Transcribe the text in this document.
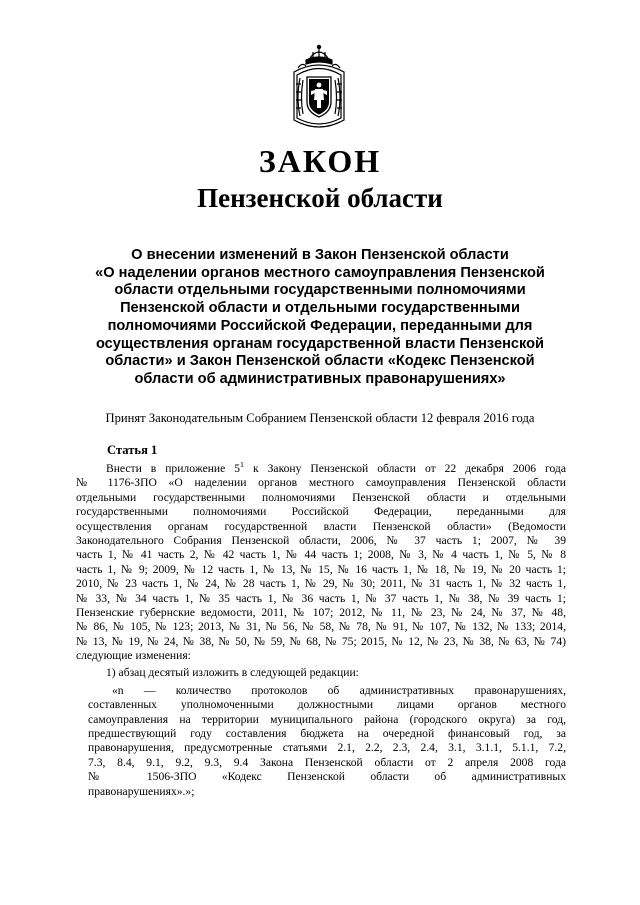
ЗАКОН
Пензенской области
О внесении изменений в Закон Пензенской области
«О наделении органов местного самоуправления Пензенской
области отдельными государственными полномочиями
Пензенской области и отдельными государственными
полномочиями Российской Федерации, переданными для
осуществления органам государственной власти Пензенской
области» и Закон Пензенской области «Кодекс Пензенской
области об административных правонарушениях»
Принят Законодательным Собранием Пензенской области 12 февраля 2016 года
Статья 1
Внести в приложение $5^1$ к Закону Пензенской области от 22 декабря 2006 года
№ 1176-ЗПО «О наделении органов местного самоуправления Пензенской области
отдельными государственными полномочиями Пензенской области и отдельными
государственными полномочиями Российской Федерации, переданными для
осуществления органам государственной власти Пензенской области» (Ведомости
Законодательного Собрания Пензенской области, 2006, № 37 часть 1; 2007, № 39
часть 1, № 41 часть 2, № 42 часть 1, № 44 часть 1; 2008, № 3, № 4 часть 1, № 5, № 8
часть 1, № 9; 2009, № 12 часть 1, № 13, № 15, № 16 часть 1, № 18, № 19, № 20 часть 1;
2010, № 23 часть 1, № 24, № 28 часть 1, № 29, № 30; 2011, № 31 часть 1, № 32 часть 1,
№ 33, № 34 часть 1, № 35 часть 1, № 36 часть 1, № 37 часть 1, № 38, № 39 часть 1;
Пензенские губернские ведомости, 2011, № 107; 2012, № 11, № 23, № 24, № 37, № 48,
№ 86, № 105, № 123; 2013, № 31, № 56, № 58, № 78, № 91, № 107, № 132, № 133; 2014,
№ 13, № 19, № 24, № 38, № 50, № 59, № 68, № 75; 2015, № 12, № 23, № 38, № 63, № 74)
следующие изменения:
1) абзац десятый изложить в следующей редакции:
«n — количество протоколов об административных правонарушениях,
составленных уполномоченными должностными лицами органов местного
самоуправления на территории муниципального района (городского округа) за год,
предшествующий году составления бюджета на очередной финансовый год, за
правонарушения, предусмотренные статьями 2.1, 2.2, 2.3, 2.4, 3.1, 3.1.1, 5.1.1, 7.2,
7.3, 8.4, 9.1, 9.2, 9.3, 9.4 Закона Пензенской области от 2 апреля 2008 года
№ 1506-ЗПО «Кодекс Пензенской области об административных
правонарушениях».»;
